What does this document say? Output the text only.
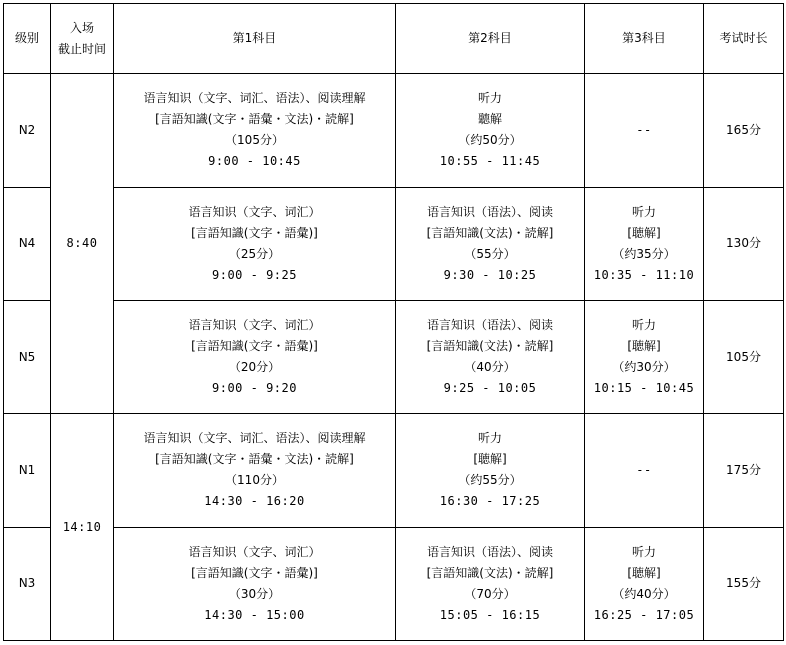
级别	入场
截止时间	第1科目	第2科目	第3科目	考试时长
N2	8:40	语言知识（文字、词汇、语法）、阅读理解
[言語知識(文字・語彙・文法)・読解]
（105分）
9:00 - 10:45	听力
聽解
（约50分）
10:55 - 11:45	--	165分
N4		语言知识（文字、词汇）
[言語知識(文字・語彙)]
（25分）
9:00 - 9:25	语言知识（语法）、阅读
[言語知識(文法)・読解]
（55分）
9:30 - 10:25	听力
[聴解]
（约35分）
10:35 - 11:10	130分
N5		语言知识（文字、词汇）
[言語知識(文字・語彙)]
（20分）
9:00 - 9:20	语言知识（语法）、阅读
[言語知識(文法)・読解]
（40分）
9:25 - 10:05	听力
[聴解]
（约30分）
10:15 - 10:45	105分
N1	14:10	语言知识（文字、词汇、语法）、阅读理解
[言語知識(文字・語彙・文法)・読解]
（110分）
14:30 - 16:20	听力
[聴解]
（约55分）
16:30 - 17:25	--	175分
N3		语言知识（文字、词汇）
[言語知識(文字・語彙)]
（30分）
14:30 - 15:00	语言知识（语法）、阅读
[言語知識(文法)・読解]
（70分）
15:05 - 16:15	听力
[聴解]
（约40分）
16:25 - 17:05	155分
